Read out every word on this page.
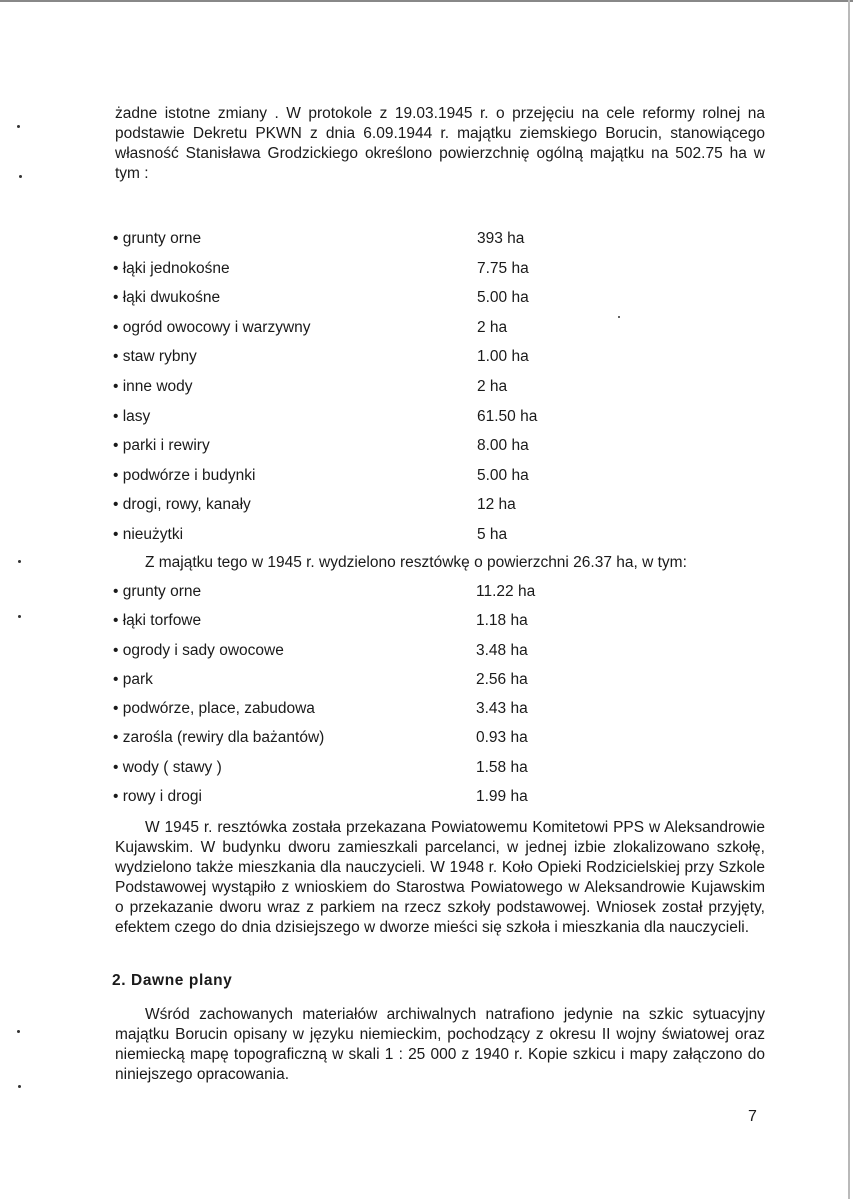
żadne istotne zmiany . W protokole z 19.03.1945 r. o przejęciu na cele reformy rolnej na podstawie Dekretu PKWN z dnia 6.09.1944 r. majątku ziemskiego Borucin, stanowiącego własność Stanisława Grodzickiego określono powierzchnię ogólną majątku na 502.75 ha w tym :

• grunty orne	393 ha
• łąki jednokośne	7.75 ha
• łąki dwukośne	5.00 ha
• ogród owocowy i warzywny	2 ha
• staw rybny	1.00 ha
• inne wody	2 ha
• lasy	61.50 ha
• parki i rewiry	8.00 ha
• podwórze i budynki	5.00 ha
• drogi, rowy, kanały	12 ha
• nieużytki	5 ha

Z majątku tego w 1945 r. wydzielono resztówkę o powierzchni 26.37 ha, w tym:

• grunty orne	11.22 ha
• łąki torfowe	1.18 ha
• ogrody i sady owocowe	3.48 ha
• park	2.56 ha
• podwórze, place, zabudowa	3.43 ha
• zarośla (rewiry dla bażantów)	0.93 ha
• wody ( stawy )	1.58 ha
• rowy i drogi	1.99 ha

W 1945 r. resztówka została przekazana Powiatowemu Komitetowi PPS w Aleksandrowie Kujawskim. W budynku dworu zamieszkali parcelanci, w jednej izbie zlokalizowano szkołę, wydzielono także mieszkania dla nauczycieli. W 1948 r. Koło Opieki Rodzicielskiej przy Szkole Podstawowej wystąpiło z wnioskiem do Starostwa Powiatowego w Aleksandrowie Kujawskim o przekazanie dworu wraz z parkiem na rzecz szkoły podstawowej. Wniosek został przyjęty, efektem czego do dnia dzisiejszego w dworze mieści się szkoła i mieszkania dla nauczycieli.

2. Dawne plany

Wśród zachowanych materiałów archiwalnych natrafiono jedynie na szkic sytuacyjny majątku Borucin opisany w języku niemieckim, pochodzący z okresu II wojny światowej oraz niemiecką mapę topograficzną w skali 1 : 25 000 z 1940 r. Kopie szkicu i mapy załączono do niniejszego opracowania.

7
